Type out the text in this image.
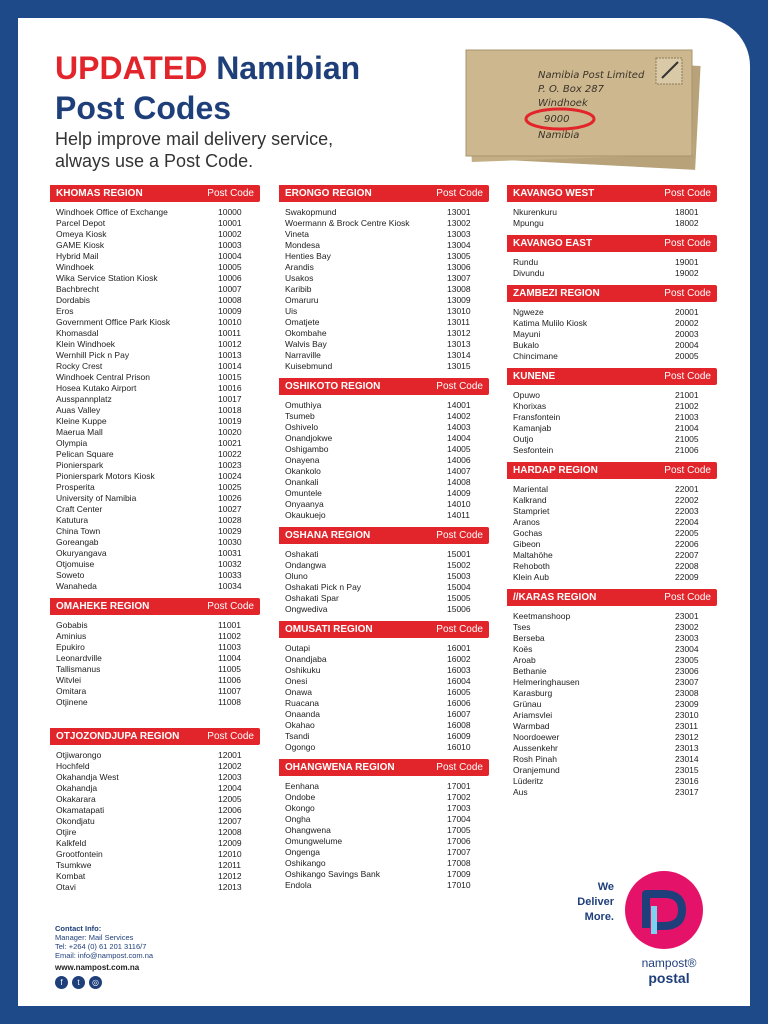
UPDATED Namibian
Post Codes
Help improve mail delivery service, always use a Post Code.
Namibia Post Limited
P. O. Box 287
Windhoek
9000
Namibia
KHOMAS REGION	Post Code
Windhoek Office of Exchange	10000
Parcel Depot	10001
Omeya Kiosk	10002
GAME Kiosk	10003
Hybrid Mail	10004
Windhoek	10005
Wika Service Station Kiosk	10006
Bachbrecht	10007
Dordabis	10008
Eros	10009
Government Office Park Kiosk	10010
Khomasdal	10011
Klein Windhoek	10012
Wernhill Pick n Pay	10013
Rocky Crest	10014
Windhoek Central Prison	10015
Hosea Kutako Airport	10016
Ausspannplatz	10017
Auas Valley	10018
Kleine Kuppe	10019
Maerua Mall	10020
Olympia	10021
Pelican Square	10022
Pionierspark	10023
Pionierspark Motors Kiosk	10024
Prosperita	10025
University of Namibia	10026
Craft Center	10027
Katutura	10028
China Town	10029
Goreangab	10030
Okuryangava	10031
Otjomuise	10032
Soweto	10033
Wanaheda	10034
OMAHEKE REGION	Post Code
Gobabis	11001
Aminius	11002
Epukiro	11003
Leonardville	11004
Tallismanus	11005
Witvlei	11006
Omitara	11007
Otjinene	11008
OTJOZONDJUPA REGION	Post Code
Otjiwarongo	12001
Hochfeld	12002
Okahandja West	12003
Okahandja	12004
Okakarara	12005
Okamatapati	12006
Okondjatu	12007
Otjire	12008
Kalkfeld	12009
Grootfontein	12010
Tsumkwe	12011
Kombat	12012
Otavi	12013
ERONGO REGION	Post Code
Swakopmund	13001
Woermann & Brock Centre Kiosk	13002
Vineta	13003
Mondesa	13004
Henties Bay	13005
Arandis	13006
Usakos	13007
Karibib	13008
Omaruru	13009
Uis	13010
Omatjete	13011
Okombahe	13012
Walvis Bay	13013
Narraville	13014
Kuisebmund	13015
OSHIKOTO REGION	Post Code
Omuthiya	14001
Tsumeb	14002
Oshivelo	14003
Onandjokwe	14004
Oshigambo	14005
Onayena	14006
Okankolo	14007
Onankali	14008
Omuntele	14009
Onyaanya	14010
Okaukuejo	14011
OSHANA REGION	Post Code
Oshakati	15001
Ondangwa	15002
Oluno	15003
Oshakati Pick n Pay	15004
Oshakati Spar	15005
Ongwediva	15006
OMUSATI REGION	Post Code
Outapi	16001
Onandjaba	16002
Oshikuku	16003
Onesi	16004
Onawa	16005
Ruacana	16006
Onaanda	16007
Okahao	16008
Tsandi	16009
Ogongo	16010
OHANGWENA REGION	Post Code
Eenhana	17001
Ondobe	17002
Okongo	17003
Ongha	17004
Ohangwena	17005
Omungwelume	17006
Ongenga	17007
Oshikango	17008
Oshikango Savings Bank	17009
Endola	17010
KAVANGO WEST	Post Code
Nkurenkuru	18001
Mpungu	18002
KAVANGO EAST	Post Code
Rundu	19001
Divundu	19002
ZAMBEZI REGION	Post Code
Ngweze	20001
Katima Mulilo Kiosk	20002
Mayuni	20003
Bukalo	20004
Chincimane	20005
KUNENE	Post Code
Opuwo	21001
Khorixas	21002
Fransfontein	21003
Kamanjab	21004
Outjo	21005
Sesfontein	21006
HARDAP REGION	Post Code
Mariental	22001
Kalkrand	22002
Stampriet	22003
Aranos	22004
Gochas	22005
Gibeon	22006
Maltahöhe	22007
Rehoboth	22008
Klein Aub	22009
//KARAS REGION	Post Code
Keetmanshoop	23001
Tses	23002
Berseba	23003
Koës	23004
Aroab	23005
Bethanie	23006
Helmeringhausen	23007
Karasburg	23008
Grünau	23009
Ariamsvlei	23010
Warmbad	23011
Noordoewer	23012
Aussenkehr	23013
Rosh Pinah	23014
Oranjemund	23015
Lüderitz	23016
Aus	23017
Contact Info:
Manager: Mail Services
Tel: +264 (0) 61 201 3116/7
Email: info@nampost.com.na
www.nampost.com.na
f	t	◎
We
Deliver
More.
nampost®
postal
